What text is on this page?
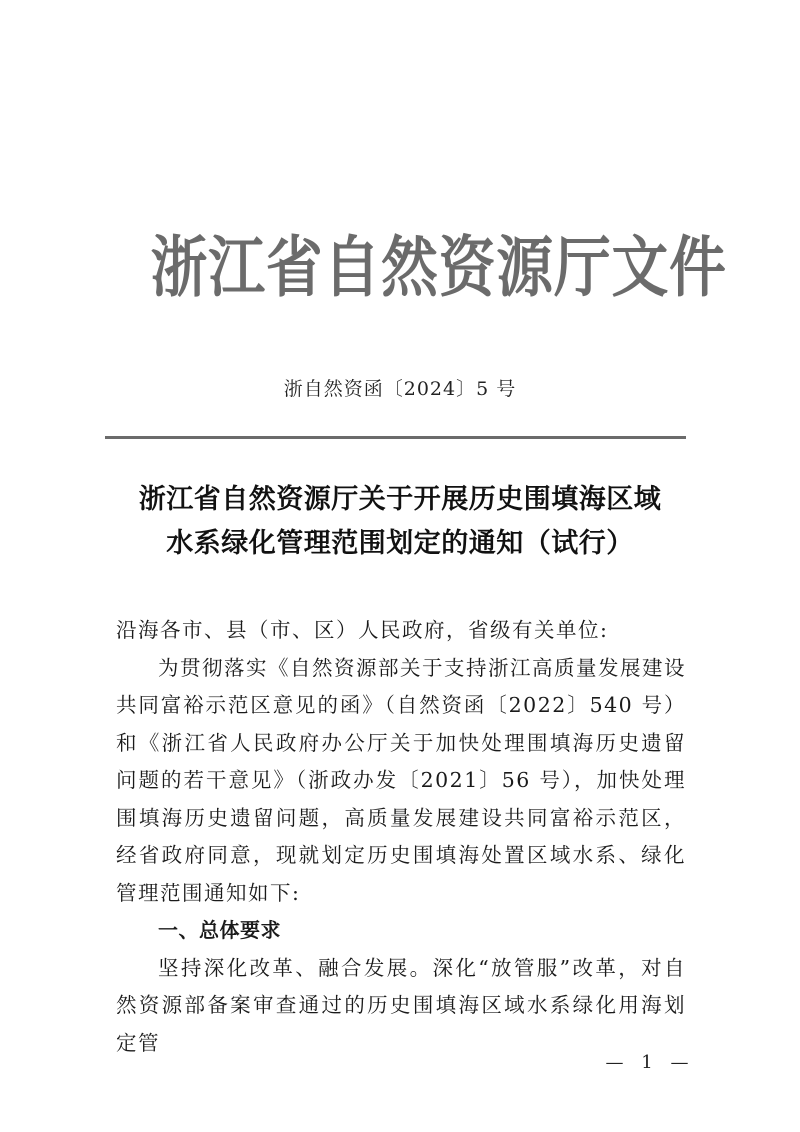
浙江省自然资源厅文件
浙自然资函〔2024〕5 号
浙江省自然资源厅关于开展历史围填海区域
水系绿化管理范围划定的通知（试行）

沿海各市、县（市、区）人民政府，省级有关单位:

为贯彻落实《自然资源部关于支持浙江高质量发展建设共同富裕示范区意见的函》（自然资函〔2022〕540 号）和《浙江省人民政府办公厅关于加快处理围填海历史遗留问题的若干意见》（浙政办发〔2021〕56 号），加快处理围填海历史遗留问题，高质量发展建设共同富裕示范区，经省政府同意，现就划定历史围填海处置区域水系、绿化管理范围通知如下:

一、总体要求

坚持深化改革、融合发展。深化“放管服”改革，对自然资源部备案审查通过的历史围填海区域水系绿化用海划定管

— 1 —
